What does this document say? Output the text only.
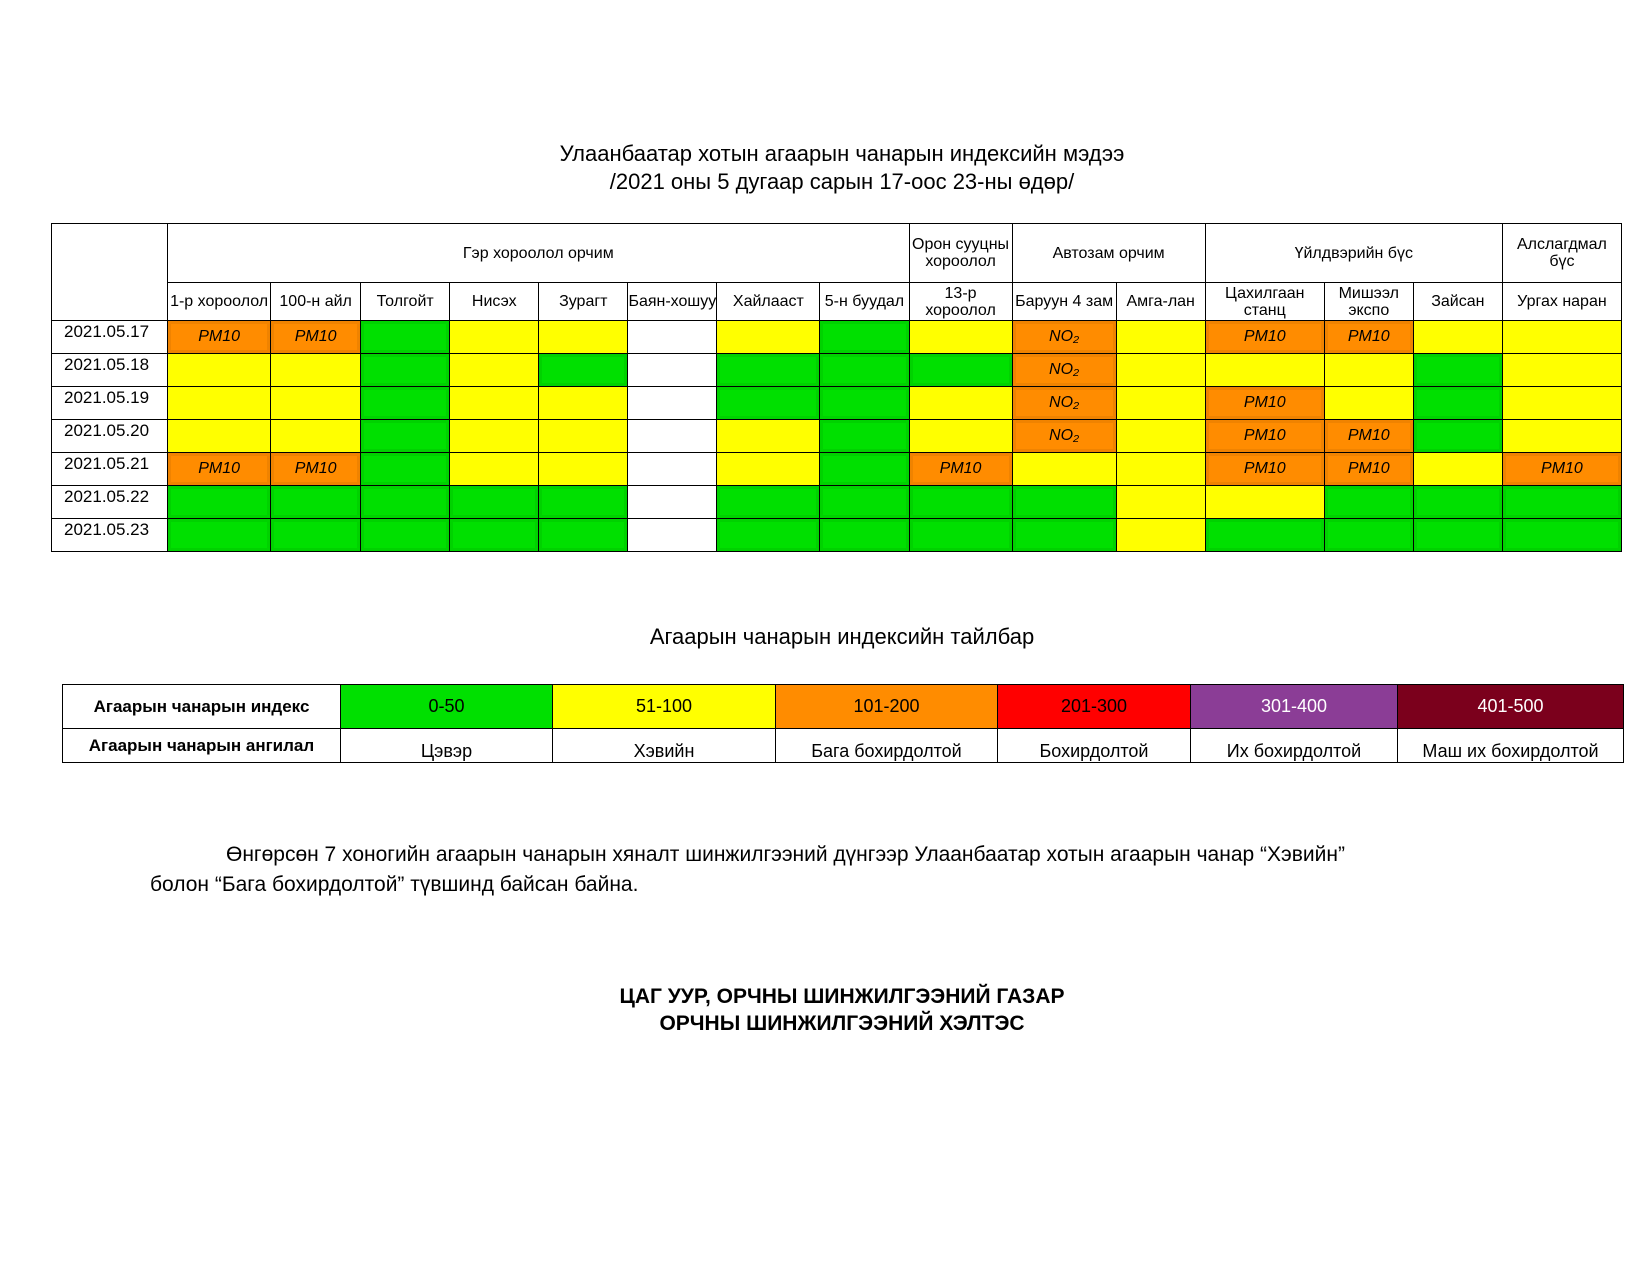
Улаанбаатар хотын агаарын чанарын индексийн мэдээ
/2021 оны 5 дугаар сарын 17-оос 23-ны өдөр/
	Гэр хороолол орчим								Орон сууцны хороолол	Автозам орчим		Үйлдвэрийн бүс			Алслагдмал бүс
	1-р хороолол	100-н айл	Толгойт	Нисэх	Зурагт	Баян-хошуу	Хайлааст	5-н буудал	13-р хороолол	Баруун 4 зам	Амга-лан	Цахилгаан станц	Мишээл экспо	Зайсан	Ургах наран
2021.05.17	PM10	PM10								NO₂		PM10	PM10		
2021.05.18										NO₂					
2021.05.19										NO₂		PM10			
2021.05.20										NO₂		PM10	PM10		
2021.05.21	PM10	PM10							PM10			PM10	PM10		PM10
2021.05.22															
2021.05.23															
Агаарын чанарын индексийн тайлбар
Агаарын чанарын индекс	0-50	51-100	101-200	201-300	301-400	401-500
Агаарын чанарын ангилал	Цэвэр	Хэвийн	Бага бохирдолтой	Бохирдолтой	Их бохирдолтой	Маш их бохирдолтой
Өнгөрсөн 7 хоногийн агаарын чанарын хяналт шинжилгээний дүнгээр Улаанбаатар хотын агаарын чанар “Хэвийн”
болон “Бага бохирдолтой” түвшинд байсан байна.
ЦАГ УУР, ОРЧНЫ ШИНЖИЛГЭЭНИЙ ГАЗАР
ОРЧНЫ ШИНЖИЛГЭЭНИЙ ХЭЛТЭС
